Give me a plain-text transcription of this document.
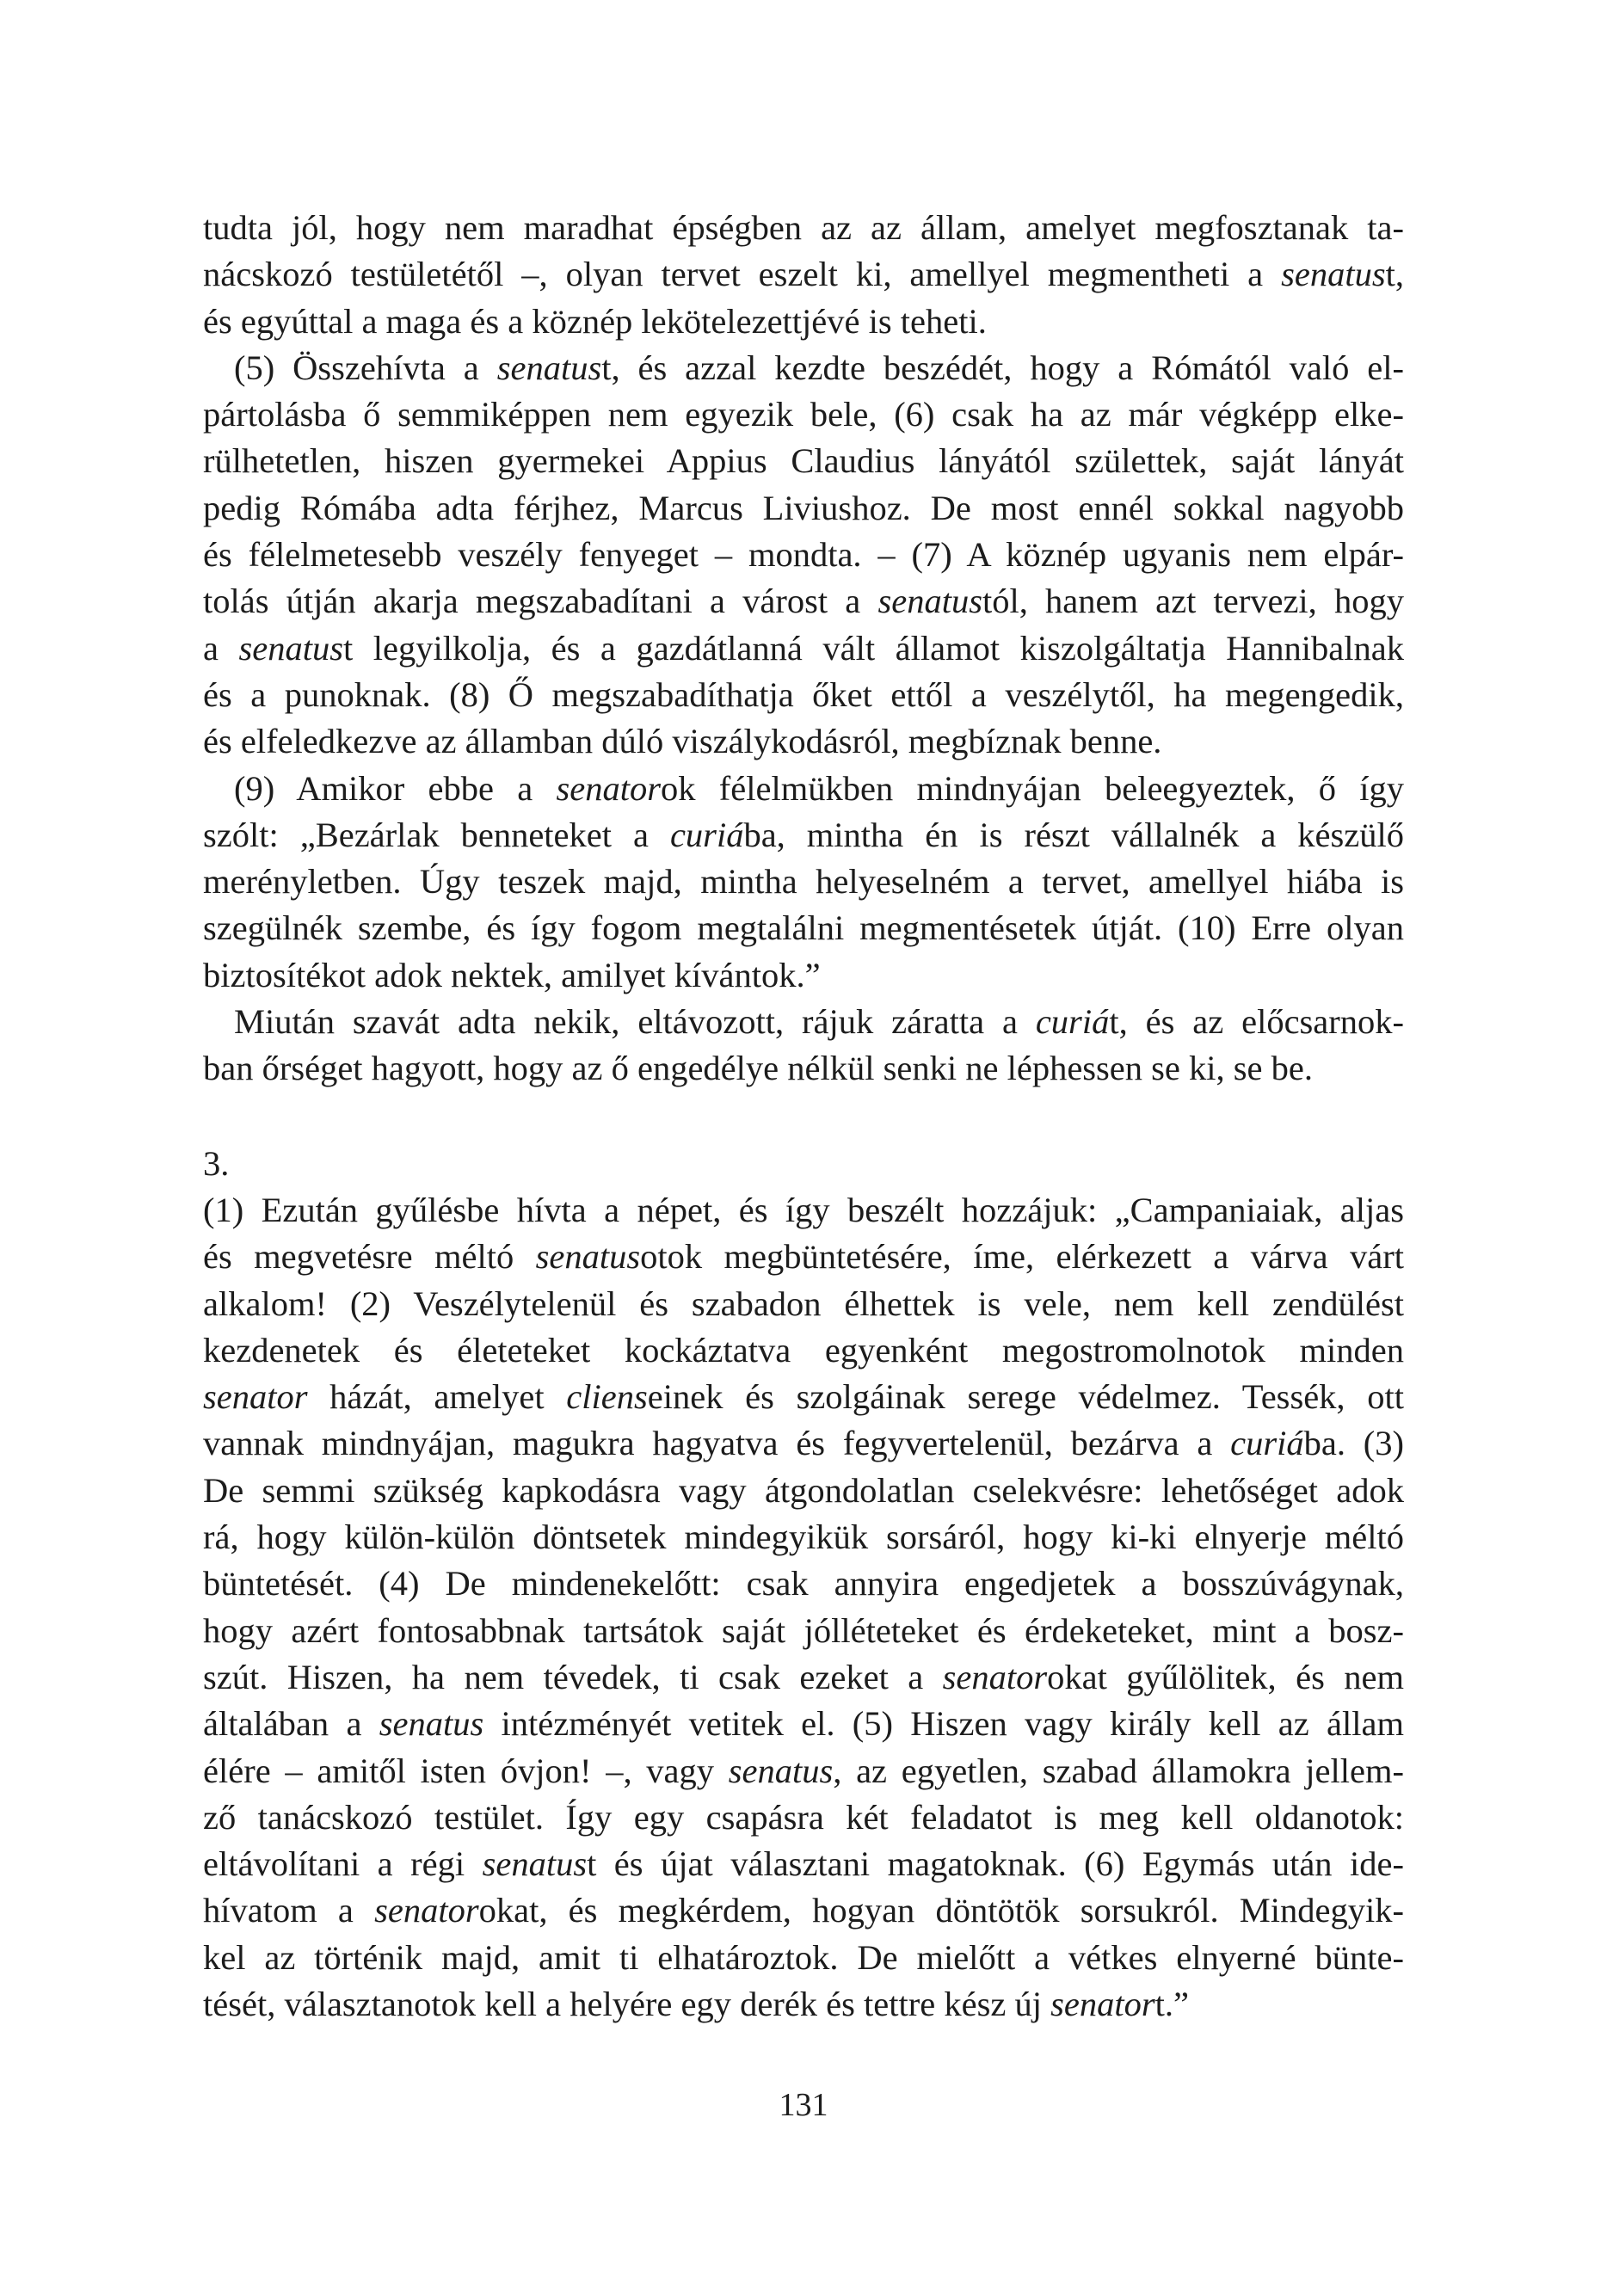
tudta jól, hogy nem maradhat épségben az az állam, amelyet megfosztanak ta-
nácskozó testületétől –, olyan tervet eszelt ki, amellyel megmentheti a senatust,
és egyúttal a maga és a köznép lekötelezettjévé is teheti.
(5) Összehívta a senatust, és azzal kezdte beszédét, hogy a Rómától való el-
pártolásba ő semmiképpen nem egyezik bele, (6) csak ha az már végképp elke-
rülhetetlen, hiszen gyermekei Appius Claudius lányától születtek, saját lányát
pedig Rómába adta férjhez, Marcus Liviushoz. De most ennél sokkal nagyobb
és félelmetesebb veszély fenyeget – mondta. – (7) A köznép ugyanis nem elpár-
tolás útján akarja megszabadítani a várost a senatustól, hanem azt tervezi, hogy
a senatust legyilkolja, és a gazdátlanná vált államot kiszolgáltatja Hannibalnak
és a punoknak. (8) Ő megszabadíthatja őket ettől a veszélytől, ha megengedik,
és elfeledkezve az államban dúló viszálykodásról, megbíznak benne.
(9) Amikor ebbe a senatorok félelmükben mindnyájan beleegyeztek, ő így
szólt: „Bezárlak benneteket a curiába, mintha én is részt vállalnék a készülő
merényletben. Úgy teszek majd, mintha helyeselném a tervet, amellyel hiába is
szegülnék szembe, és így fogom megtalálni megmentésetek útját. (10) Erre olyan
biztosítékot adok nektek, amilyet kívántok.”
Miután szavát adta nekik, eltávozott, rájuk záratta a curiát, és az előcsarnok-
ban őrséget hagyott, hogy az ő engedélye nélkül senki ne léphessen se ki, se be.
3.
(1) Ezután gyűlésbe hívta a népet, és így beszélt hozzájuk: „Campaniaiak, aljas
és megvetésre méltó senatusotok megbüntetésére, íme, elérkezett a várva várt
alkalom! (2) Veszélytelenül és szabadon élhettek is vele, nem kell zendülést
kezdenetek és életeteket kockáztatva egyenként megostromolnotok minden
senator házát, amelyet clienseinek és szolgáinak serege védelmez. Tessék, ott
vannak mindnyájan, magukra hagyatva és fegyvertelenül, bezárva a curiába. (3)
De semmi szükség kapkodásra vagy átgondolatlan cselekvésre: lehetőséget adok
rá, hogy külön-külön döntsetek mindegyikük sorsáról, hogy ki-ki elnyerje méltó
büntetését. (4) De mindenekelőtt: csak annyira engedjetek a bosszúvágynak,
hogy azért fontosabbnak tartsátok saját jólléteteket és érdeketeket, mint a bosz-
szút. Hiszen, ha nem tévedek, ti csak ezeket a senatorokat gyűlölitek, és nem
általában a senatus intézményét vetitek el. (5) Hiszen vagy király kell az állam
élére – amitől isten óvjon! –, vagy senatus, az egyetlen, szabad államokra jellem-
ző tanácskozó testület. Így egy csapásra két feladatot is meg kell oldanotok:
eltávolítani a régi senatust és újat választani magatoknak. (6) Egymás után ide-
hívatom a senatorokat, és megkérdem, hogyan döntötök sorsukról. Mindegyik-
kel az történik majd, amit ti elhatároztok. De mielőtt a vétkes elnyerné bünte-
tését, választanotok kell a helyére egy derék és tettre kész új senatort.”
131
